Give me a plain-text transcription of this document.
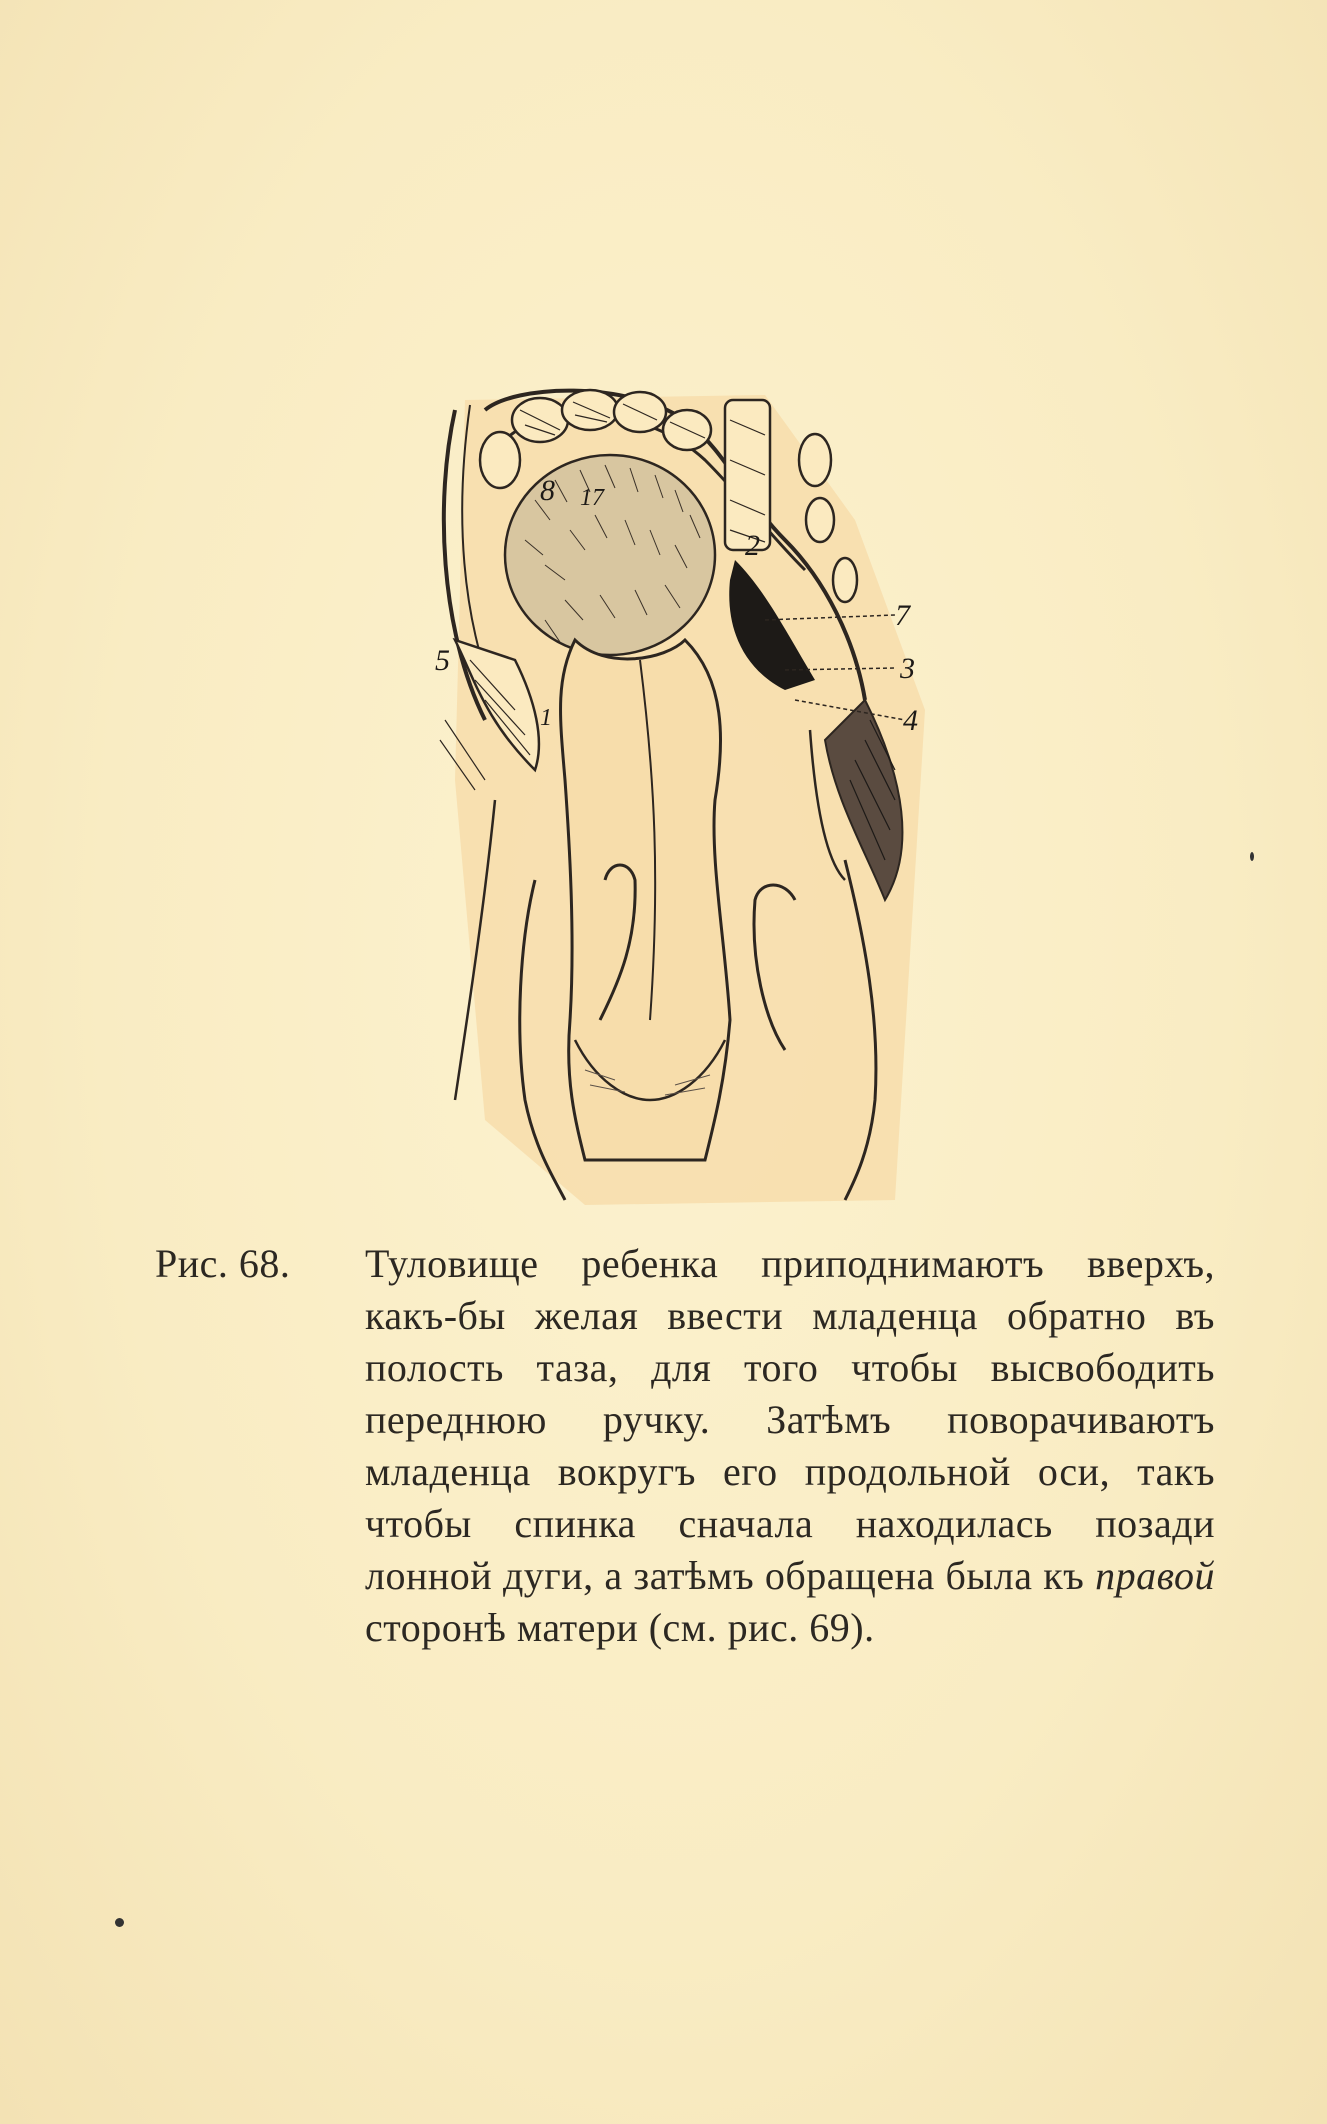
8 17
2
7
3
4
5
1
Рис. 68.	Туловище ребенка приподнимаютъ вверхъ, какъ-бы желая ввести младенца обратно въ полость таза, для того чтобы высвободить переднюю ручку. Затѣмъ поворачиваютъ младенца вокругъ его продольной оси, такъ чтобы спинка сначала находилась позади лонной дуги, а затѣмъ обращена была къ правой сторонѣ матери (см. рис. 69).
